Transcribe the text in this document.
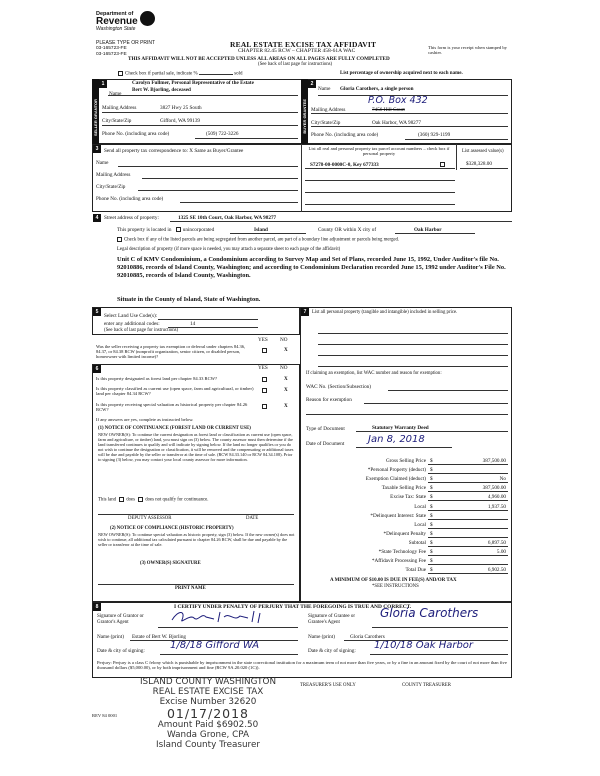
Department of
Revenue
Washington State
PLEASE TYPE OR PRINT
03-165723-FE
03-165723-FE
REAL ESTATE EXCISE TAX AFFIDAVIT
CHAPTER 82.45 RCW – CHAPTER 458-61A WAC
THIS AFFIDAVIT WILL NOT BE ACCEPTED UNLESS ALL AREAS ON ALL PAGES ARE FULLY COMPLETED
(See back of last page for instructions)
This form is your receipt when stamped by cashier.
Check box if partial sale, indicate %	sold	List percentage of ownership acquired next to each name.
SELLER GRANTOR
1
Name
Carolyn Fullmer, Personal Representative of the Estate
Bert W. Bjorling, deceased
Mailing Address	3827 Hwy 25 South
City/State/Zip	Gifford, WA 99139
Phone No. (including area code)	(509) 722-3226
BUYER GRANTEE
2
Name Gloria Carothers, a single person
P.O. Box 432
Mailing Address	7456 Hill Court
City/State/Zip	Oak Harbor, WA 98277
Phone No. (including area code)	(360) 929-1199
3	Send all property tax correspondence to: X Same as Buyer/Grantee
Name
Mailing Address
City/State/Zip
Phone No. (including area code)
List all real and personal property tax parcel account numbers – check box if personal property	List assessed value(s)
S7278-00-0000C-0, Key 677333	$328,328.00
4	Street address of property:	1325 SE 10th Court, Oak Harbor, WA 98277
This property is located in unincorporated	Island	County OR within X city of	Oak Harbor
Check box if any of the listed parcels are being segregated from another parcel, are part of a boundary line adjustment or parcels being merged.
Legal description of property (if more space is needed, you may attach a separate sheet to each page of the affidavit)
Unit C of KMV Condominium, a Condominium according to Survey Map and Set of Plans, recorded June 15, 1992, Under Auditor's file No. 92010886, records of Island County, Washington; and according to Condominium Declaration recorded June 15, 1992 under Auditor's File No. 92010885, records of Island County, Washington.
Situate in the County of Island, State of Washington.
5
Select Land Use Code(s):
enter any additional codes:	14
(See back of last page for instructions)
YES NO
Was the seller receiving a property tax exemption or deferral under chapters 84.36, 84.37, or 84.38 RCW (nonprofit organization, senior citizen, or disabled person, homeowner with limited income)?
X
6	YES NO
Is this property designated as forest land per chapter 84.33 RCW?	X
Is this property classified as current use (open space, farm and agricultural, or timber) land per chapter 84.34 RCW?
X
Is this property receiving special valuation as historical property per chapter 84.26 RCW?
X
If any answers are yes, complete as instructed below.
(1) NOTICE OF CONTINUANCE (FOREST LAND OR CURRENT USE)
NEW OWNER(S): To continue the current designation as forest land or classification as current use (open space, farm and agriculture, or timber) land, you must sign on (3) below. The county assessor must then determine if the land transferred continues to qualify and will indicate by signing below. If the land no longer qualifies or you do not wish to continue the designation or classification, it will be removed and the compensating or additional taxes will be due and payable by the seller or transferor at the time of sale. (RCW 84.33.140 or RCW 84.34.108). Prior to signing (3) below, you may contact your local county assessor for more information.
This land does does not qualify for continuance.
DEPUTY ASSESSOR	DATE
(2) NOTICE OF COMPLIANCE (HISTORIC PROPERTY)
NEW OWNER(S): To continue special valuation as historic property, sign (3) below. If the new owner(s) does not wish to continue, all additional tax calculated pursuant to chapter 84.26 RCW, shall be due and payable by the seller or transferor at the time of sale.
(3) OWNER(S) SIGNATURE
PRINT NAME
7	List all personal property (tangible and intangible) included in selling price.
If claiming an exemption, list WAC number and reason for exemption:
WAC No. (Section/Subsection)
Reason for exemption
Type of Document	Statutory Warranty Deed
Date of Document Jan 8, 2018
Gross Selling Price $	387,500.00
*Personal Property (deduct) $
Exemption Claimed (deduct) $	No
Taxable Selling Price $	387,500.00
Excise Tax: State $	4,960.00
Local $	1,937.50
*Delinquent Interest: State $
Local $
*Delinquent Penalty $
Subtotal $	6,897.50
*State Technology Fee $	5.00
*Affidavit Processing Fee $
Total Due $	6,902.50
A MINIMUM OF $10.00 IS DUE IN FEE(S) AND/OR TAX
*SEE INSTRUCTIONS
8	I CERTIFY UNDER PENALTY OF PERJURY THAT THE FOREGOING IS TRUE AND CORRECT.
Signature of Grantor or Grantor's Agent
Signature of Grantee or Grantee's Agent
Gloria Carothers
Name (print) Estate of Bert W. Bjorling	Name (print)	Gloria Carothers
Date & city of signing:	1/8/18 Gifford WA	Date & city of signing: 1/10/18 Oak Harbor
Perjury: Perjury is a class C felony which is punishable by imprisonment in the state correctional institution for a maximum term of not more than five years, or by a fine in an amount fixed by the court of not more than five thousand dollars ($5,000.00), or by both imprisonment and fine (RCW 9A.20.020 (1C)).
ISLAND COUNTY WASHINGTON
REAL ESTATE EXCISE TAX
Excise Number 32620
01/17/2018
Amount Paid $6902.50
Wanda Grone, CPA
Island County Treasurer
REV 84 0001
TREASURER'S USE ONLY	COUNTY TREASURER
